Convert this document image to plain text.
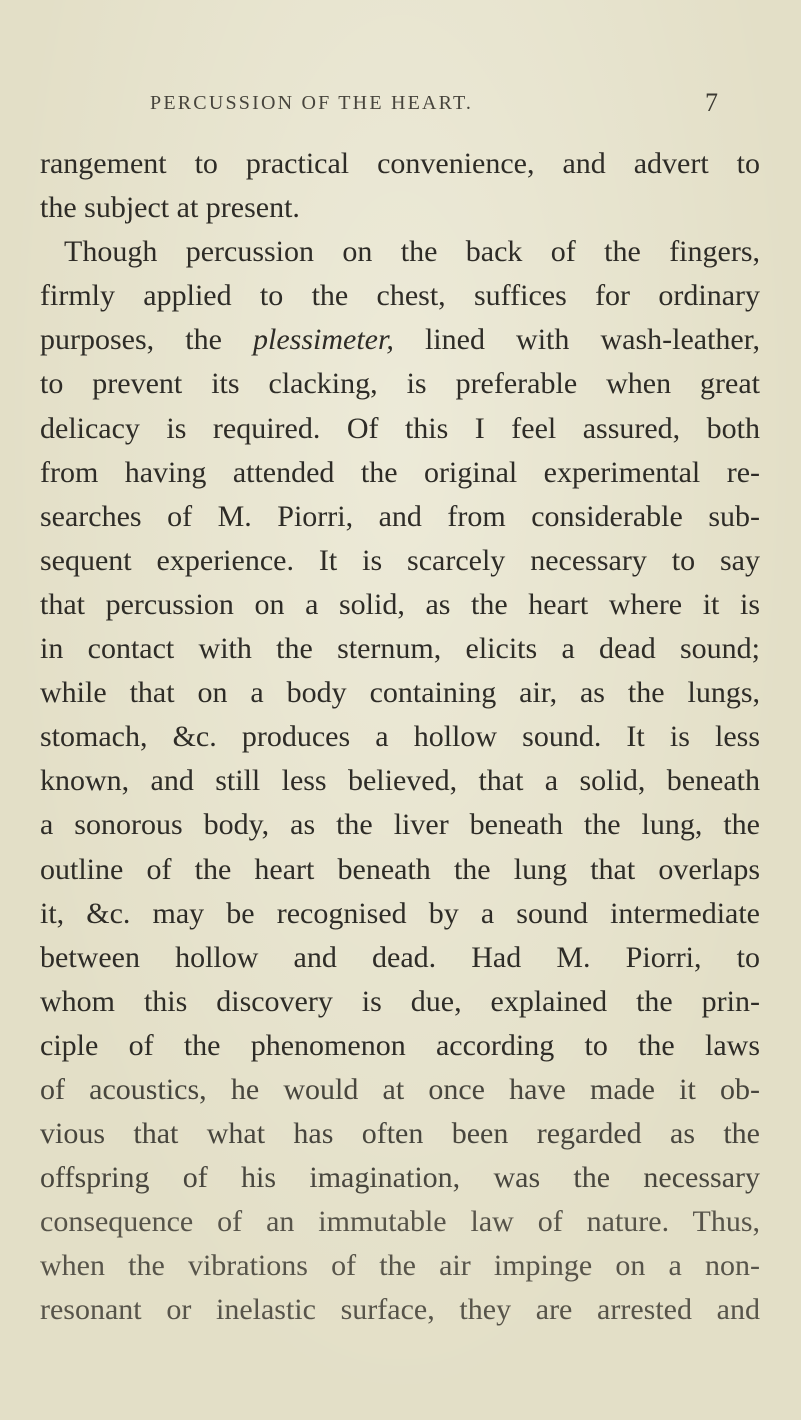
PERCUSSION OF THE HEART.	7
rangement to practical convenience, and advert to
the subject at present.
Though percussion on the back of the fingers,
firmly applied to the chest, suffices for ordinary
purposes, the plessimeter, lined with wash-leather,
to prevent its clacking, is preferable when great
delicacy is required. Of this I feel assured, both
from having attended the original experimental re-
searches of M. Piorri, and from considerable sub-
sequent experience. It is scarcely necessary to say
that percussion on a solid, as the heart where it is
in contact with the sternum, elicits a dead sound;
while that on a body containing air, as the lungs,
stomach, &c. produces a hollow sound. It is less
known, and still less believed, that a solid, beneath
a sonorous body, as the liver beneath the lung, the
outline of the heart beneath the lung that overlaps
it, &c. may be recognised by a sound intermediate
between hollow and dead. Had M. Piorri, to
whom this discovery is due, explained the prin-
ciple of the phenomenon according to the laws
of acoustics, he would at once have made it ob-
vious that what has often been regarded as the
offspring of his imagination, was the necessary
consequence of an immutable law of nature. Thus,
when the vibrations of the air impinge on a non-
resonant or inelastic surface, they are arrested and
